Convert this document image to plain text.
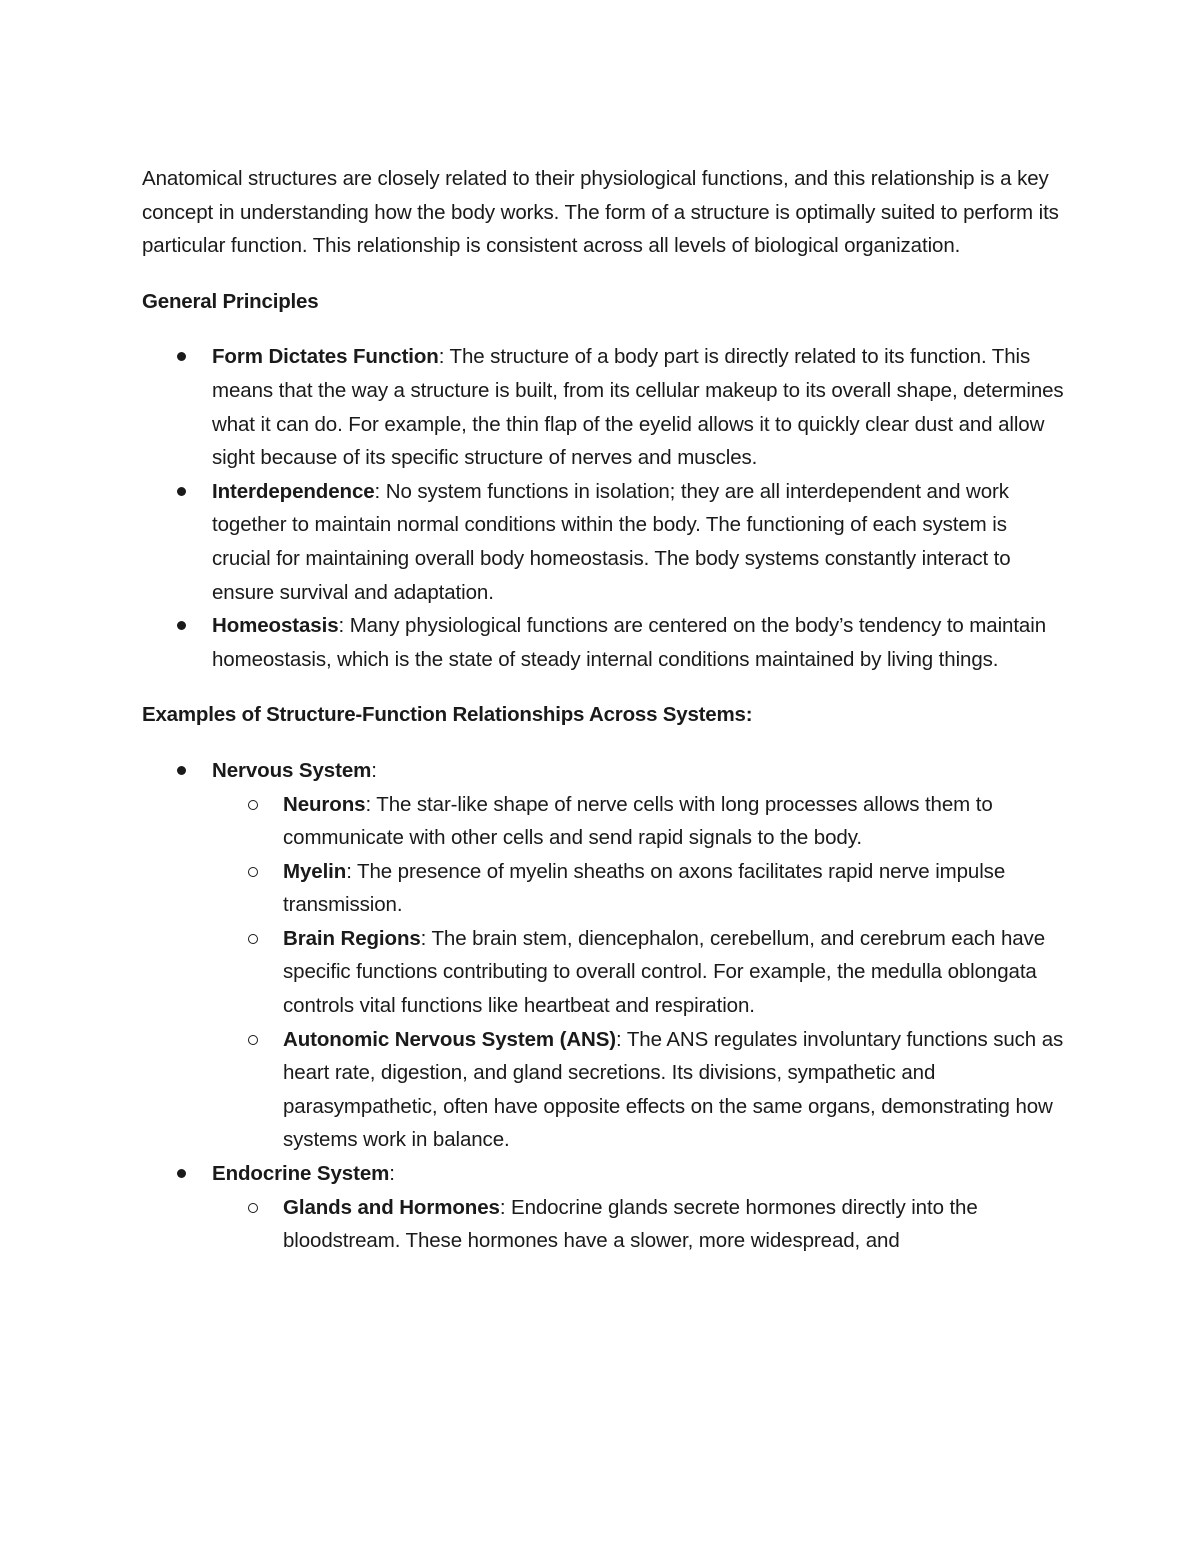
Anatomical structures are closely related to their physiological functions, and this relationship is a key concept in understanding how the body works. The form of a structure is optimally suited to perform its particular function. This relationship is consistent across all levels of biological organization.

General Principles
Form Dictates Function: The structure of a body part is directly related to its function. This means that the way a structure is built, from its cellular makeup to its overall shape, determines what it can do. For example, the thin flap of the eyelid allows it to quickly clear dust and allow sight because of its specific structure of nerves and muscles.
Interdependence: No system functions in isolation; they are all interdependent and work together to maintain normal conditions within the body. The functioning of each system is crucial for maintaining overall body homeostasis. The body systems constantly interact to ensure survival and adaptation.
Homeostasis: Many physiological functions are centered on the body’s tendency to maintain homeostasis, which is the state of steady internal conditions maintained by living things.
Examples of Structure-Function Relationships Across Systems:
Nervous System:
Neurons: The star-like shape of nerve cells with long processes allows them to communicate with other cells and send rapid signals to the body.
Myelin: The presence of myelin sheaths on axons facilitates rapid nerve impulse transmission.
Brain Regions: The brain stem, diencephalon, cerebellum, and cerebrum each have specific functions contributing to overall control. For example, the medulla oblongata controls vital functions like heartbeat and respiration.
Autonomic Nervous System (ANS): The ANS regulates involuntary functions such as heart rate, digestion, and gland secretions. Its divisions, sympathetic and parasympathetic, often have opposite effects on the same organs, demonstrating how systems work in balance.
Endocrine System:
Glands and Hormones: Endocrine glands secrete hormones directly into the bloodstream. These hormones have a slower, more widespread, and
